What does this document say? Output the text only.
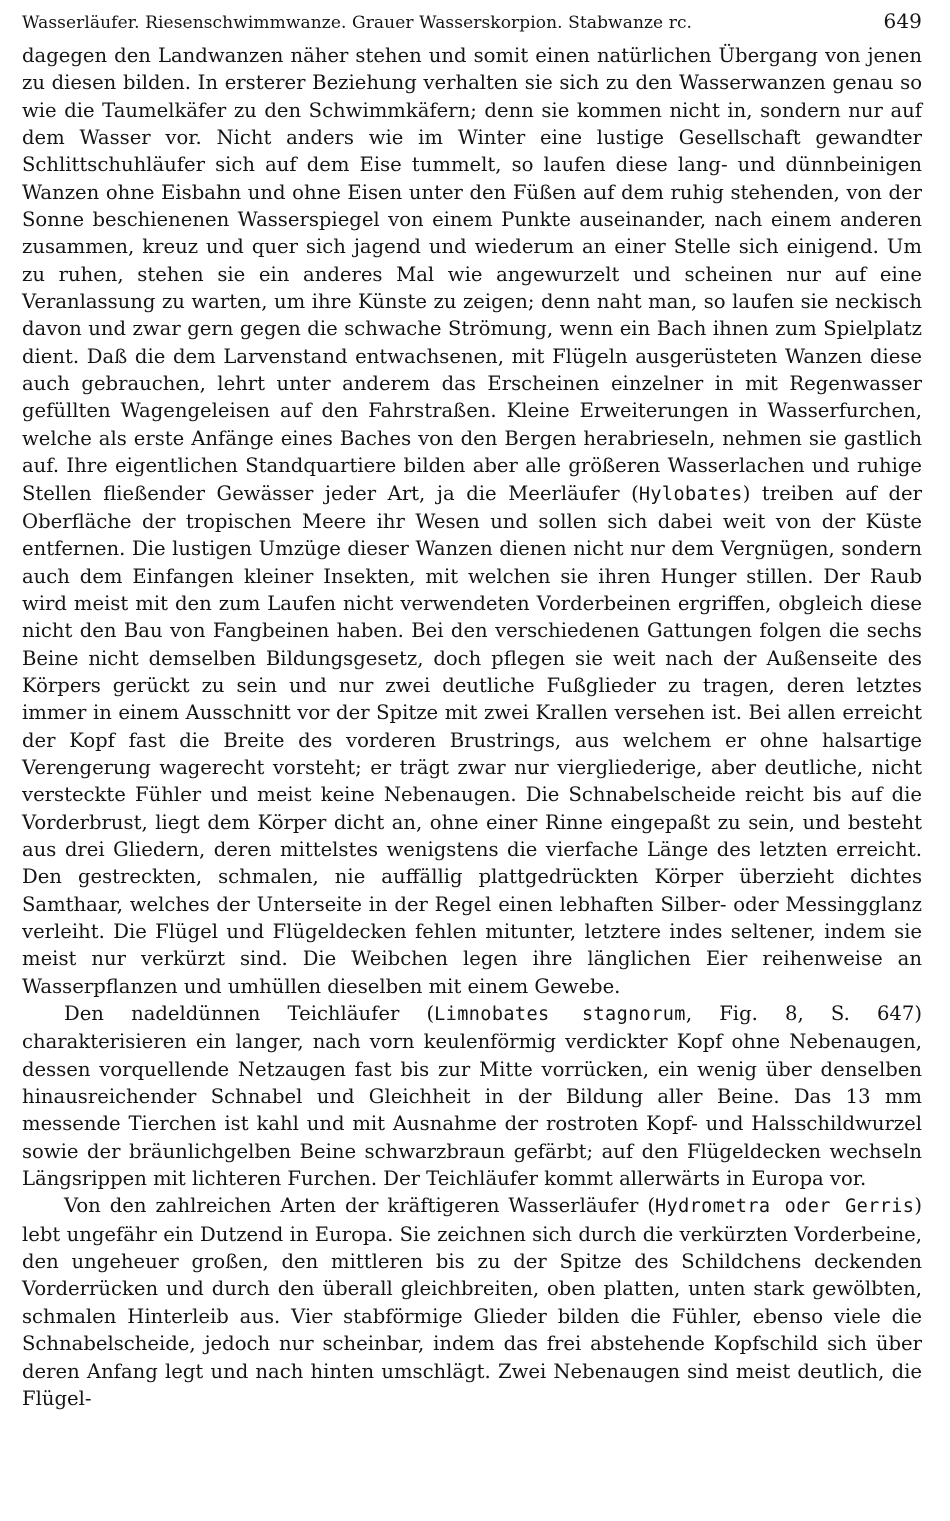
Wasserläufer. Riesenschwimmwanze. Grauer Wasserskorpion. Stabwanze rc.	649

dagegen den Landwanzen näher stehen und somit einen natürlichen Übergang von jenen zu diesen bilden. In ersterer Beziehung verhalten sie sich zu den Wasserwanzen genau so wie die Taumelkäfer zu den Schwimmkäfern; denn sie kommen nicht in, sondern nur auf dem Wasser vor. Nicht anders wie im Winter eine lustige Gesellschaft gewandter Schlittschuhläufer sich auf dem Eise tummelt, so laufen diese lang- und dünnbeinigen Wanzen ohne Eisbahn und ohne Eisen unter den Füßen auf dem ruhig stehenden, von der Sonne beschienenen Wasserspiegel von einem Punkte auseinander, nach einem anderen zusammen, kreuz und quer sich jagend und wiederum an einer Stelle sich einigend. Um zu ruhen, stehen sie ein anderes Mal wie angewurzelt und scheinen nur auf eine Veranlassung zu warten, um ihre Künste zu zeigen; denn naht man, so laufen sie neckisch davon und zwar gern gegen die schwache Strömung, wenn ein Bach ihnen zum Spielplatz dient. Daß die dem Larvenstand entwachsenen, mit Flügeln ausgerüsteten Wanzen diese auch gebrauchen, lehrt unter anderem das Erscheinen einzelner in mit Regenwasser gefüllten Wagengeleisen auf den Fahrstraßen. Kleine Erweiterungen in Wasserfurchen, welche als erste Anfänge eines Baches von den Bergen herabrieseln, nehmen sie gastlich auf. Ihre eigentlichen Standquartiere bilden aber alle größeren Wasserlachen und ruhige Stellen fließender Gewässer jeder Art, ja die Meerläufer (Hylobates) treiben auf der Oberfläche der tropischen Meere ihr Wesen und sollen sich dabei weit von der Küste entfernen. Die lustigen Umzüge dieser Wanzen dienen nicht nur dem Vergnügen, sondern auch dem Einfangen kleiner Insekten, mit welchen sie ihren Hunger stillen. Der Raub wird meist mit den zum Laufen nicht verwendeten Vorderbeinen ergriffen, obgleich diese nicht den Bau von Fangbeinen haben. Bei den verschiedenen Gattungen folgen die sechs Beine nicht demselben Bildungsgesetz, doch pflegen sie weit nach der Außenseite des Körpers gerückt zu sein und nur zwei deutliche Fußglieder zu tragen, deren letztes immer in einem Ausschnitt vor der Spitze mit zwei Krallen versehen ist. Bei allen erreicht der Kopf fast die Breite des vorderen Brustrings, aus welchem er ohne halsartige Verengerung wagerecht vorsteht; er trägt zwar nur viergliederige, aber deutliche, nicht versteckte Fühler und meist keine Nebenaugen. Die Schnabelscheide reicht bis auf die Vorderbrust, liegt dem Körper dicht an, ohne einer Rinne eingepaßt zu sein, und besteht aus drei Gliedern, deren mittelstes wenigstens die vierfache Länge des letzten erreicht. Den gestreckten, schmalen, nie auffällig plattgedrückten Körper überzieht dichtes Samthaar, welches der Unterseite in der Regel einen lebhaften Silber- oder Messingglanz verleiht. Die Flügel und Flügeldecken fehlen mitunter, letztere indes seltener, indem sie meist nur verkürzt sind. Die Weibchen legen ihre länglichen Eier reihenweise an Wasserpflanzen und umhüllen dieselben mit einem Gewebe.

Den nadeldünnen Teichläufer (Limnobates stagnorum, Fig. 8, S. 647) charakterisieren ein langer, nach vorn keulenförmig verdickter Kopf ohne Nebenaugen, dessen vorquellende Netzaugen fast bis zur Mitte vorrücken, ein wenig über denselben hinausreichender Schnabel und Gleichheit in der Bildung aller Beine. Das 13 mm messende Tierchen ist kahl und mit Ausnahme der rostroten Kopf- und Halsschildwurzel sowie der bräunlichgelben Beine schwarzbraun gefärbt; auf den Flügeldecken wechseln Längsrippen mit lichteren Furchen. Der Teichläufer kommt allerwärts in Europa vor.

Von den zahlreichen Arten der kräftigeren Wasserläufer (Hydrometra oder Gerris) lebt ungefähr ein Dutzend in Europa. Sie zeichnen sich durch die verkürzten Vorderbeine, den ungeheuer großen, den mittleren bis zu der Spitze des Schildchens deckenden Vorderrücken und durch den überall gleichbreiten, oben platten, unten stark gewölbten, schmalen Hinterleib aus. Vier stabförmige Glieder bilden die Fühler, ebenso viele die Schnabelscheide, jedoch nur scheinbar, indem das frei abstehende Kopfschild sich über deren Anfang legt und nach hinten umschlägt. Zwei Nebenaugen sind meist deutlich, die Flügel-
